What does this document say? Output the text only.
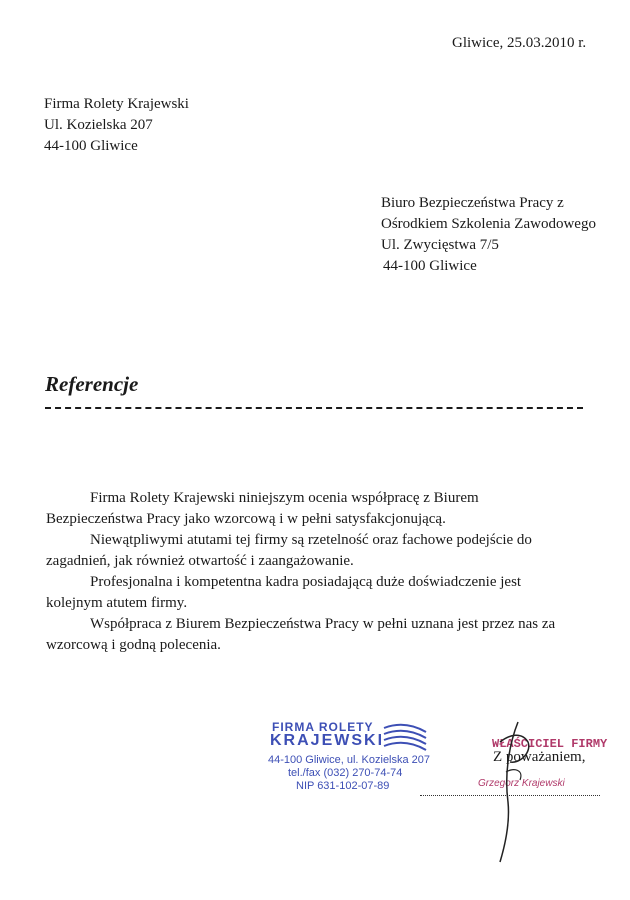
Gliwice, 25.03.2010 r.
Firma Rolety Krajewski
Ul. Kozielska 207
44-100 Gliwice
Biuro Bezpieczeństwa Pracy z
Ośrodkiem Szkolenia Zawodowego
Ul. Zwycięstwa 7/5
44-100 Gliwice
Referencje

Firma Rolety Krajewski niniejszym ocenia współpracę z Biurem Bezpieczeństwa Pracy jako wzorcową i w pełni satysfakcjonującą.

Niewątpliwymi atutami tej firmy są rzetelność oraz fachowe podejście do zagadnień, jak również otwartość i zaangażowanie.

Profesjonalna i kompetentna kadra posiadającą duże doświadczenie jest kolejnym atutem firmy.

Współpraca z Biurem Bezpieczeństwa Pracy w pełni uznana jest przez nas za wzorcową i godną polecenia.

FIRMA ROLETY
KRAJEWSKI
44-100 Gliwice, ul. Kozielska 207
tel./fax (032) 270-74-74
NIP 631-102-07-89
WŁAŚCICIEL FIRMY
Z poważaniem,
Grzegorz Krajewski
